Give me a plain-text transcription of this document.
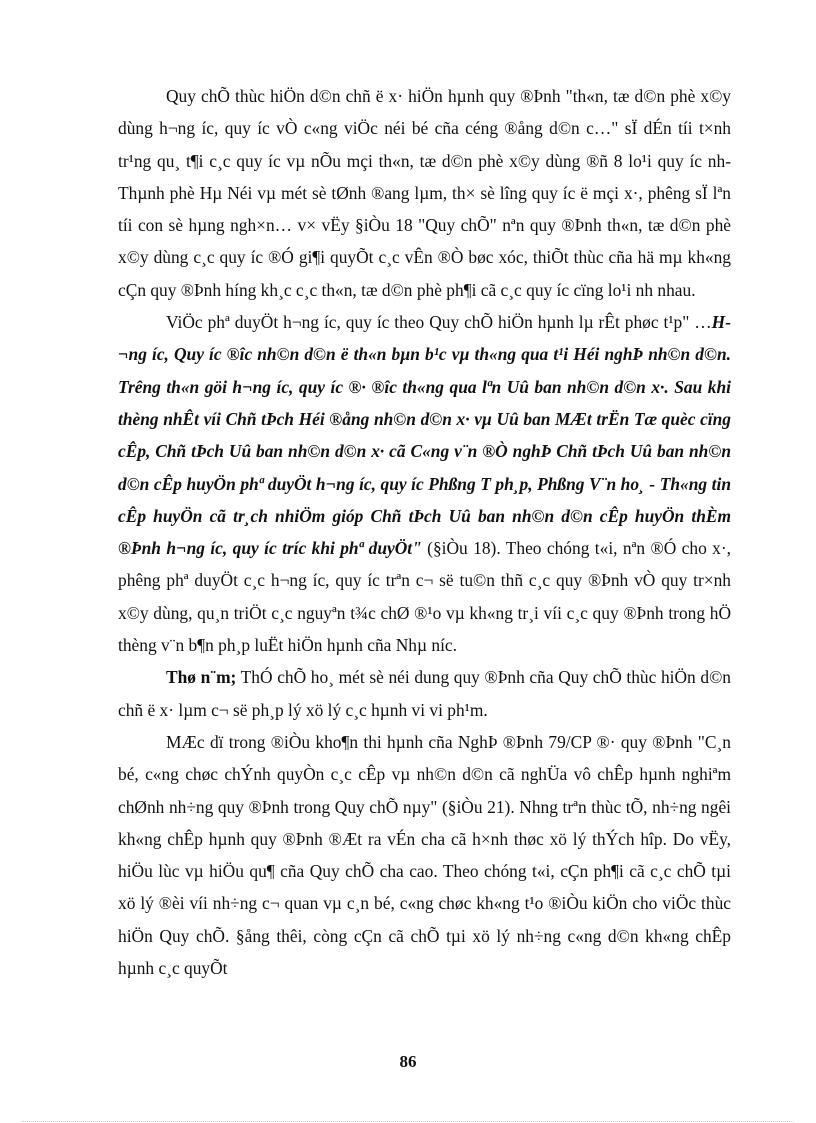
Quy chÕ thùc hiÖn d©n chñ ë x· hiÖn hµnh quy ®Þnh "th«n, tæ d©n phè x©y dùng h¬ng íc, quy íc vÒ c«ng viÖc néi bé cña céng ®ång d©n c…" sÏ dÉn tíi t×nh tr¹ng qu¸ t¶i c¸c quy íc vµ nÕu mçi th«n, tæ d©n phè x©y dùng ®ñ 8 lo¹i quy íc nh Thµnh phè Hµ Néi vµ mét sè tØnh ®ang lµm, th× sè lîng quy íc ë mçi x·, phêng sÏ lªn tíi con sè hµng ngh×n… v× vËy §iÒu 18 "Quy chÕ" nªn quy ®Þnh th«n, tæ d©n phè x©y dùng c¸c quy íc ®Ó gi¶i quyÕt c¸c vÊn ®Ò bøc xóc, thiÕt thùc cña hä mµ kh«ng cÇn quy ®Þnh híng kh¸c c¸c th«n, tæ d©n phè ph¶i cã c¸c quy íc cïng lo¹i nh nhau.

ViÖc phª duyÖt h¬ng íc, quy íc theo Quy chÕ hiÖn hµnh lµ rÊt phøc t¹p" …H¬ng íc, Quy íc ®îc nh©n d©n ë th«n bµn b¹c vµ th«ng qua t¹i Héi nghÞ nh©n d©n. Trêng th«n göi h¬ng íc, quy íc ®· ®îc th«ng qua lªn Uû ban nh©n d©n x·. Sau khi thèng nhÊt víi Chñ tÞch Héi ®ång nh©n d©n x· vµ Uû ban MÆt trËn Tæ quèc cïng cÊp, Chñ tÞch Uû ban nh©n d©n x· cã C«ng v¨n ®Ò nghÞ Chñ tÞch Uû ban nh©n d©n cÊp huyÖn phª duyÖt h¬ng íc, quy íc Phßng T ph¸p, Phßng V¨n ho¸ - Th«ng tin cÊp huyÖn cã tr¸ch nhiÖm gióp Chñ tÞch Uû ban nh©n d©n cÊp huyÖn thÈm ®Þnh h¬ng íc, quy íc tríc khi phª duyÖt" (§iÒu 18). Theo chóng t«i, nªn ®Ó cho x·, phêng phª duyÖt c¸c h¬ng íc, quy íc trªn c¬ së tu©n thñ c¸c quy ®Þnh vÒ quy tr×nh x©y dùng, qu¸n triÖt c¸c nguyªn t¾c chØ ®¹o vµ kh«ng tr¸i víi c¸c quy ®Þnh trong hÖ thèng v¨n b¶n ph¸p luËt hiÖn hµnh cña Nhµ níc.

Thø n¨m; ThÓ chÕ ho¸ mét sè néi dung quy ®Þnh cña Quy chÕ thùc hiÖn d©n chñ ë x· lµm c¬ së ph¸p lý xö lý c¸c hµnh vi vi ph¹m.

MÆc dï trong ®iÒu kho¶n thi hµnh cña NghÞ ®Þnh 79/CP ®· quy ®Þnh "C¸n bé, c«ng chøc chÝnh quyÒn c¸c cÊp vµ nh©n d©n cã nghÜa vô chÊp hµnh nghiªm chØnh nh÷ng quy ®Þnh trong Quy chÕ nµy" (§iÒu 21). Nhng trªn thùc tÕ, nh÷ng ngêi kh«ng chÊp hµnh quy ®Þnh ®Æt ra vÉn cha cã h×nh thøc xö lý thÝch hîp. Do vËy, hiÖu lùc vµ hiÖu qu¶ cña Quy chÕ cha cao. Theo chóng t«i, cÇn ph¶i cã c¸c chÕ tµi xö lý ®èi víi nh÷ng c¬ quan vµ c¸n bé, c«ng chøc kh«ng t¹o ®iÒu kiÖn cho viÖc thùc hiÖn Quy chÕ. §ång thêi, còng cÇn cã chÕ tµi xö lý nh÷ng c«ng d©n kh«ng chÊp hµnh c¸c quyÕt

86
